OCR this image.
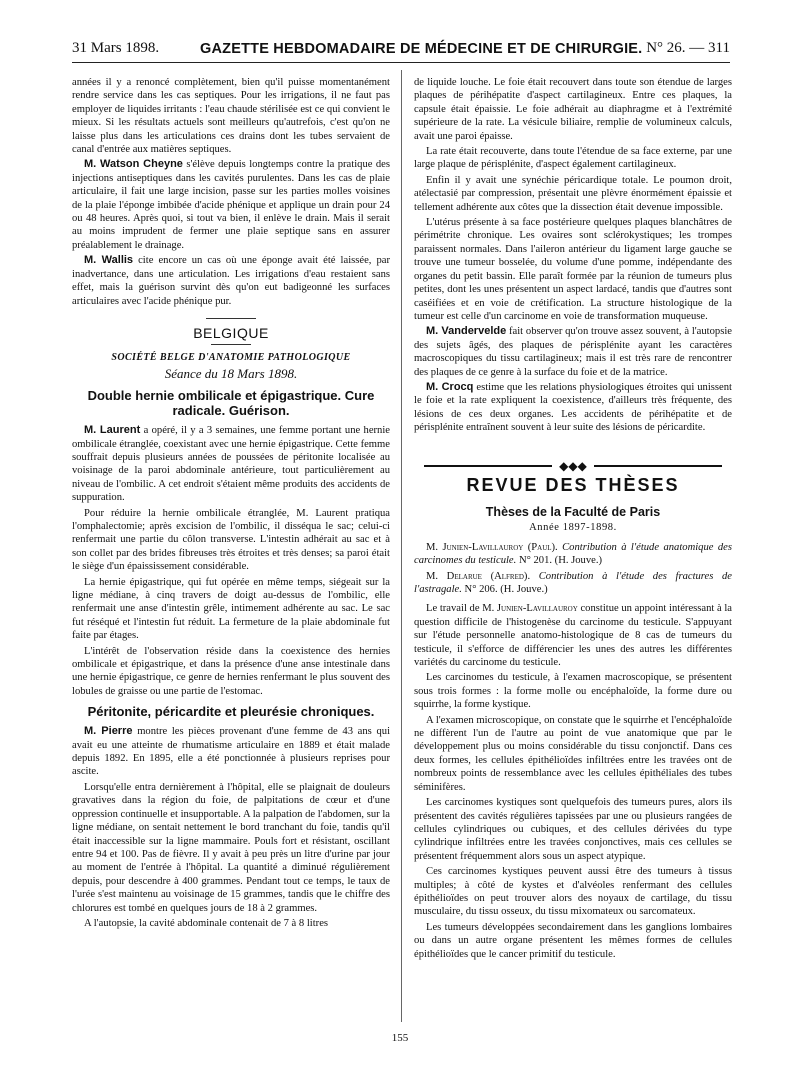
31 Mars 1898.	GAZETTE HEBDOMADAIRE DE MÉDECINE ET DE CHIRURGIE. N° 26. — 311

années il y a renoncé complètement, bien qu'il puisse momentanément rendre service dans les cas septiques. Pour les irrigations, il ne faut pas employer de liquides irritants : l'eau chaude stérilisée est ce qui convient le mieux. Si les résultats actuels sont meilleurs qu'autrefois, c'est qu'on ne laisse plus dans les articulations ces drains dont les tubes servaient de canal d'entrée aux matières septiques.

M. Watson Cheyne s'élève depuis longtemps contre la pratique des injections antiseptiques dans les cavités purulentes. Dans les cas de plaie articulaire, il fait une large incision, passe sur les parties molles voisines de la plaie l'éponge imbibée d'acide phénique et applique un drain pour 24 ou 48 heures. Après quoi, si tout va bien, il enlève le drain. Mais il serait au moins imprudent de fermer une plaie septique sans en assurer préalablement le drainage.

M. Wallis cite encore un cas où une éponge avait été laissée, par inadvertance, dans une articulation. Les irrigations d'eau restaient sans effet, mais la guérison survint dès qu'on eut badigeonné les surfaces articulaires avec l'acide phénique pur.

BELGIQUE
SOCIÉTÉ BELGE D'ANATOMIE PATHOLOGIQUE
Séance du 18 Mars 1898.
Double hernie ombilicale et épigastrique. Cure radicale. Guérison.

M. Laurent a opéré, il y a 3 semaines, une femme portant une hernie ombilicale étranglée, coexistant avec une hernie épigastrique. Cette femme souffrait depuis plusieurs années de poussées de péritonite localisée au voisinage de la paroi abdominale antérieure, tout particulièrement au niveau de l'ombilic. A cet endroit s'étaient même produits des accidents de suppuration.

Pour réduire la hernie ombilicale étranglée, M. Laurent pratiqua l'omphalectomie; après excision de l'ombilic, il disséqua le sac; celui-ci renfermait une partie du côlon transverse. L'intestin adhérait au sac et à son collet par des brides fibreuses très étroites et très denses; sa paroi était le siège d'un épaississement considérable.

La hernie épigastrique, qui fut opérée en même temps, siégeait sur la ligne médiane, à cinq travers de doigt au-dessus de l'ombilic, elle renfermait une anse d'intestin grêle, intimement adhérente au sac. Le sac fut réséqué et l'intestin fut réduit. La fermeture de la plaie abdominale fut faite par étages.

L'intérêt de l'observation réside dans la coexistence des hernies ombilicale et épigastrique, et dans la présence d'une anse intestinale dans une hernie épigastrique, ce genre de hernies renfermant le plus souvent des lobules de graisse ou une partie de l'estomac.

Péritonite, péricardite et pleurésie chroniques.

M. Pierre montre les pièces provenant d'une femme de 43 ans qui avait eu une atteinte de rhumatisme articulaire en 1889 et était malade depuis 1892. En 1895, elle a été ponctionnée à plusieurs reprises pour ascite.

Lorsqu'elle entra dernièrement à l'hôpital, elle se plaignait de douleurs gravatives dans la région du foie, de palpitations de cœur et d'une oppression continuelle et insupportable. A la palpation de l'abdomen, sur la ligne médiane, on sentait nettement le bord tranchant du foie, tandis qu'il était inaccessible sur la ligne mammaire. Pouls fort et résistant, oscillant entre 94 et 100. Pas de fièvre. Il y avait à peu près un litre d'urine par jour au moment de l'entrée à l'hôpital. La quantité a diminué régulièrement depuis, pour descendre à 400 grammes. Pendant tout ce temps, le taux de l'urée s'est maintenu au voisinage de 15 grammes, tandis que le chiffre des chlorures est tombé en quelques jours de 18 à 2 grammes.

A l'autopsie, la cavité abdominale contenait de 7 à 8 litres

de liquide louche. Le foie était recouvert dans toute son étendue de larges plaques de périhépatite d'aspect cartilagineux. Entre ces plaques, la capsule était épaissie. Le foie adhérait au diaphragme et à l'extrémité supérieure de la rate. La vésicule biliaire, remplie de volumineux calculs, avait une paroi épaisse.

La rate était recouverte, dans toute l'étendue de sa face externe, par une large plaque de périsplénite, d'aspect également cartilagineux.

Enfin il y avait une synéchie péricardique totale. Le poumon droit, atélectasié par compression, présentait une plèvre énormément épaissie et tellement adhérente aux côtes que la dissection était devenue impossible.

L'utérus présente à sa face postérieure quelques plaques blanchâtres de périmétrite chronique. Les ovaires sont sclérokystiques; les trompes paraissent normales. Dans l'aileron antérieur du ligament large gauche se trouve une tumeur bosselée, du volume d'une pomme, indépendante des organes du petit bassin. Elle paraît formée par la réunion de tumeurs plus petites, dont les unes présentent un aspect lardacé, tandis que d'autres sont caséifiées et en voie de crétification. La structure histologique de la tumeur est celle d'un carcinome en voie de transformation muqueuse.

M. Vandervelde fait observer qu'on trouve assez souvent, à l'autopsie des sujets âgés, des plaques de périsplénite ayant les caractères macroscopiques du tissu cartilagineux; mais il est très rare de rencontrer des plaques de ce genre à la surface du foie et de la matrice.

M. Crocq estime que les relations physiologiques étroites qui unissent le foie et la rate expliquent la coexistence, d'ailleurs très fréquente, des lésions de ces deux organes. Les accidents de périhépatite et de périsplénite entraînent souvent à leur suite des lésions de péricardite.

◆◆◆
REVUE DES THÈSES
Thèses de la Faculté de Paris
Année 1897-1898.

M. Junien-Lavillauroy (Paul). Contribution à l'étude anatomique des carcinomes du testicule. N° 201. (H. Jouve.)

M. Delarue (Alfred). Contribution à l'étude des fractures de l'astragale. N° 206. (H. Jouve.)

Le travail de M. Junien-Lavillauroy constitue un appoint intéressant à la question difficile de l'histogenèse du carcinome du testicule. S'appuyant sur l'étude personnelle anatomo-histologique de 8 cas de tumeurs du testicule, il s'efforce de différencier les unes des autres les différentes variétés du carcinome du testicule.

Les carcinomes du testicule, à l'examen macroscopique, se présentent sous trois formes : la forme molle ou encéphaloïde, la forme dure ou squirrhe, la forme kystique.

A l'examen microscopique, on constate que le squirrhe et l'encéphaloïde ne diffèrent l'un de l'autre au point de vue anatomique que par le développement plus ou moins considérable du tissu conjonctif. Dans ces deux formes, les cellules épithélioïdes infiltrées entre les travées ont de nombreux points de ressemblance avec les cellules épithéliales des tubes séminifères.

Les carcinomes kystiques sont quelquefois des tumeurs pures, alors ils présentent des cavités régulières tapissées par une ou plusieurs rangées de cellules cylindriques ou cubiques, et des cellules dérivées du type cylindrique infiltrées entre les travées conjonctives, mais ces cellules se présentent fréquemment alors sous un aspect atypique.

Ces carcinomes kystiques peuvent aussi être des tumeurs à tissus multiples; à côté de kystes et d'alvéoles renfermant des cellules épithélioïdes on peut trouver alors des noyaux de cartilage, du tissu musculaire, du tissu osseux, du tissu mixomateux ou sarcomateux.

Les tumeurs développées secondairement dans les ganglions lombaires ou dans un autre organe présentent les mêmes formes de cellules épithélioïdes que le cancer primitif du testicule.

155
